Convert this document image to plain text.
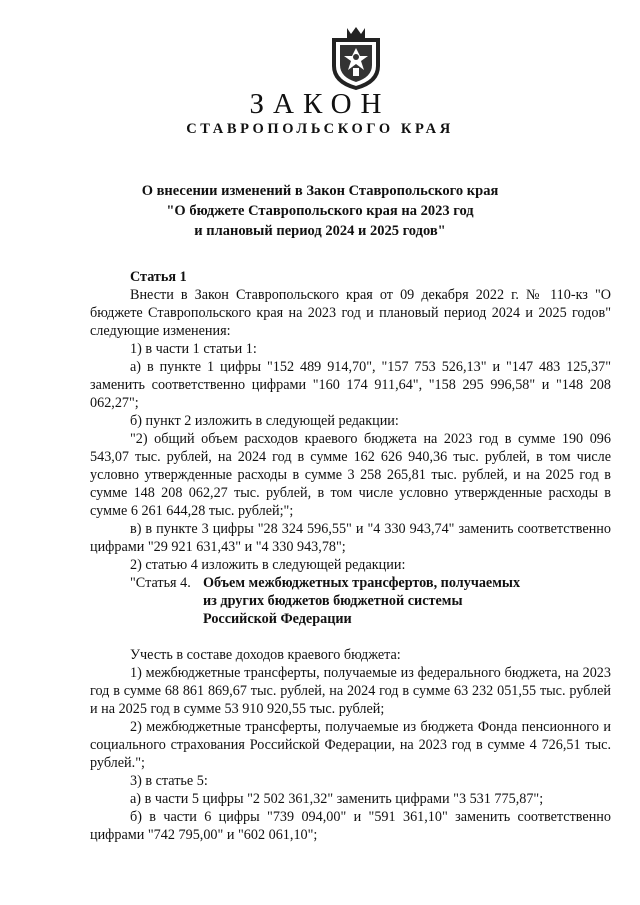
ЗАКОН
СТАВРОПОЛЬСКОГО КРАЯ
О внесении изменений в Закон Ставропольского края
"О бюджете Ставропольского края на 2023 год
и плановый период 2024 и 2025 годов"

Статья 1

Внести в Закон Ставропольского края от 09 декабря 2022 г. № 110-кз "О бюджете Ставропольского края на 2023 год и плановый период 2024 и 2025 годов" следующие изменения:

1) в части 1 статьи 1:

а) в пункте 1 цифры "152 489 914,70", "157 753 526,13" и "147 483 125,37" заменить соответственно цифрами "160 174 911,64", "158 295 996,58" и "148 208 062,27";

б) пункт 2 изложить в следующей редакции:

"2) общий объем расходов краевого бюджета на 2023 год в сумме 190 096 543,07 тыс. рублей, на 2024 год в сумме 162 626 940,36 тыс. рублей, в том числе условно утвержденные расходы в сумме 3 258 265,81 тыс. рублей, и на 2025 год в сумме 148 208 062,27 тыс. рублей, в том числе условно утвержденные расходы в сумме 6 261 644,28 тыс. рублей;";

в) в пункте 3 цифры "28 324 596,55" и "4 330 943,74" заменить соответственно цифрами "29 921 631,43" и "4 330 943,78";

2) статью 4 изложить в следующей редакции:

"Статья 4. Объем межбюджетных трансфертов, получаемых
из других бюджетов бюджетной системы
Российской Федерации

Учесть в составе доходов краевого бюджета:

1) межбюджетные трансферты, получаемые из федерального бюджета, на 2023 год в сумме 68 861 869,67 тыс. рублей, на 2024 год в сумме 63 232 051,55 тыс. рублей и на 2025 год в сумме 53 910 920,55 тыс. рублей;

2) межбюджетные трансферты, получаемые из бюджета Фонда пенсионного и социального страхования Российской Федерации, на 2023 год в сумме 4 726,51 тыс. рублей.";

3) в статье 5:

а) в части 5 цифры "2 502 361,32" заменить цифрами "3 531 775,87";

б) в части 6 цифры "739 094,00" и "591 361,10" заменить соответственно цифрами "742 795,00" и "602 061,10";
